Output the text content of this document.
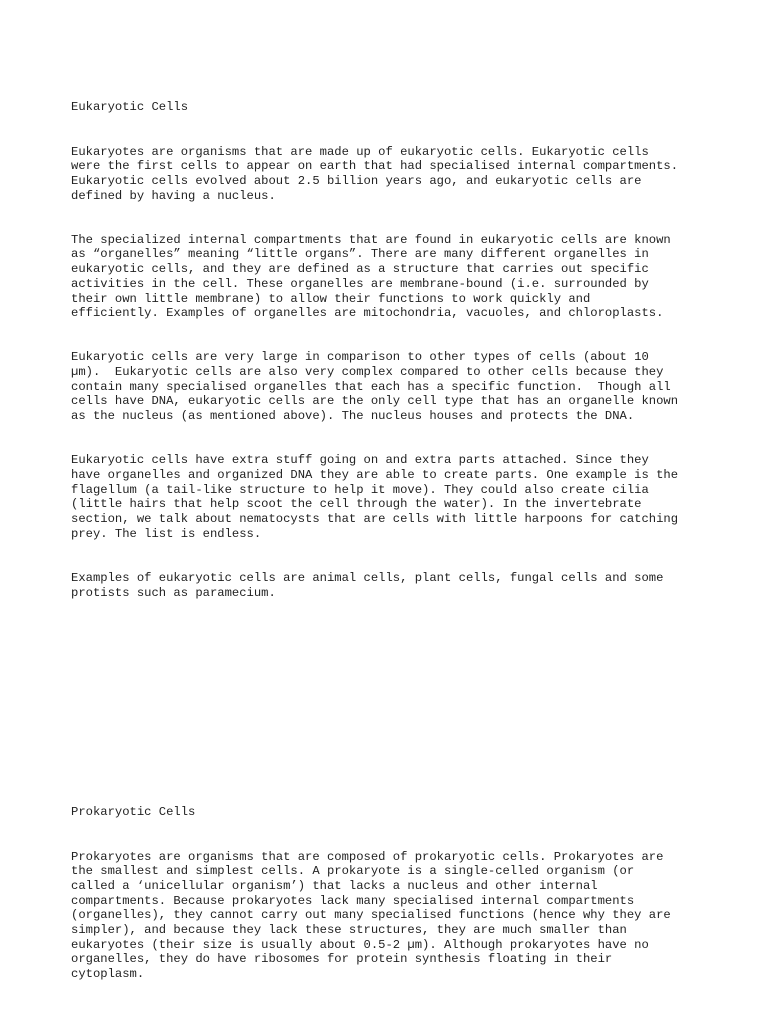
Eukaryotic Cells

Eukaryotes are organisms that are made up of eukaryotic cells. Eukaryotic cells
were the first cells to appear on earth that had specialised internal compartments.
Eukaryotic cells evolved about 2.5 billion years ago, and eukaryotic cells are
defined by having a nucleus.

The specialized internal compartments that are found in eukaryotic cells are known
as “organelles” meaning “little organs”. There are many different organelles in
eukaryotic cells, and they are defined as a structure that carries out specific
activities in the cell. These organelles are membrane-bound (i.e. surrounded by
their own little membrane) to allow their functions to work quickly and
efficiently. Examples of organelles are mitochondria, vacuoles, and chloroplasts.

Eukaryotic cells are very large in comparison to other types of cells (about 10
µm).  Eukaryotic cells are also very complex compared to other cells because they
contain many specialised organelles that each has a specific function.  Though all
cells have DNA, eukaryotic cells are the only cell type that has an organelle known
as the nucleus (as mentioned above). The nucleus houses and protects the DNA.

Eukaryotic cells have extra stuff going on and extra parts attached. Since they
have organelles and organized DNA they are able to create parts. One example is the
flagellum (a tail-like structure to help it move). They could also create cilia
(little hairs that help scoot the cell through the water). In the invertebrate
section, we talk about nematocysts that are cells with little harpoons for catching
prey. The list is endless.

Examples of eukaryotic cells are animal cells, plant cells, fungal cells and some
protists such as paramecium.

Prokaryotic Cells

Prokaryotes are organisms that are composed of prokaryotic cells. Prokaryotes are
the smallest and simplest cells. A prokaryote is a single-celled organism (or
called a ‘unicellular organism’) that lacks a nucleus and other internal
compartments. Because prokaryotes lack many specialised internal compartments
(organelles), they cannot carry out many specialised functions (hence why they are
simpler), and because they lack these structures, they are much smaller than
eukaryotes (their size is usually about 0.5-2 µm). Although prokaryotes have no
organelles, they do have ribosomes for protein synthesis floating in their
cytoplasm.
